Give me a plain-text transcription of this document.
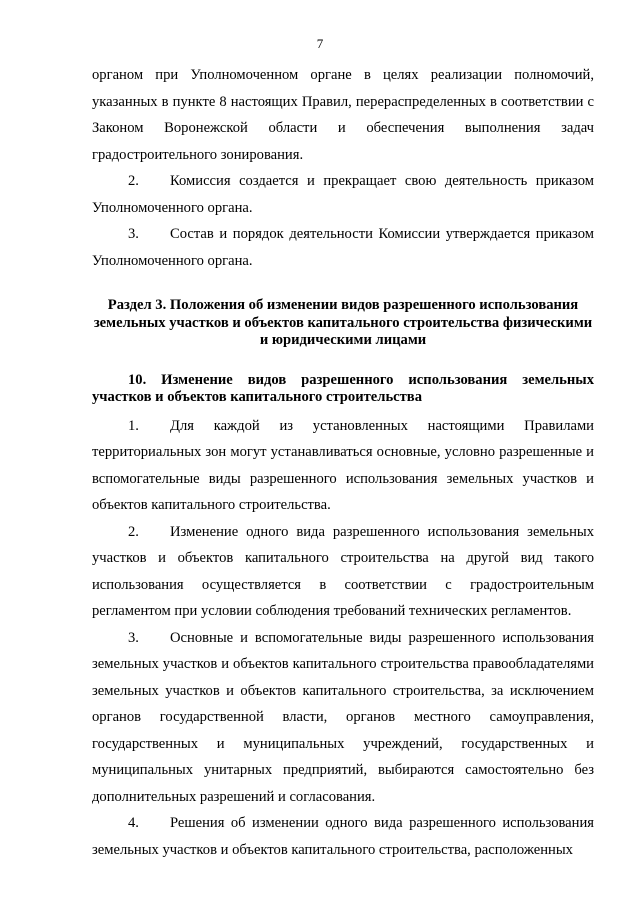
7

органом при Уполномоченном органе в целях реализации полномочий, указанных в пункте 8 настоящих Правил, перераспределенных в соответствии с Законом Воронежской области и обеспечения выполнения задач градостроительного зонирования.

2. Комиссия создается и прекращает свою деятельность приказом Уполномоченного органа.

3. Состав и порядок деятельности Комиссии утверждается приказом Уполномоченного органа.

Раздел 3. Положения об изменении видов разрешенного использования земельных участков и объектов капитального строительства физическими и юридическими лицами
10. Изменение видов разрешенного использования земельных участков и объектов капитального строительства

1. Для каждой из установленных настоящими Правилами территориальных зон могут устанавливаться основные, условно разрешенные и вспомогательные виды разрешенного использования земельных участков и объектов капитального строительства.

2. Изменение одного вида разрешенного использования земельных участков и объектов капитального строительства на другой вид такого использования осуществляется в соответствии с градостроительным регламентом при условии соблюдения требований технических регламентов.

3. Основные и вспомогательные виды разрешенного использования земельных участков и объектов капитального строительства правообладателями земельных участков и объектов капитального строительства, за исключением органов государственной власти, органов местного самоуправления, государственных и муниципальных учреждений, государственных и муниципальных унитарных предприятий, выбираются самостоятельно без дополнительных разрешений и согласования.

4. Решения об изменении одного вида разрешенного использования земельных участков и объектов капитального строительства, расположенных
